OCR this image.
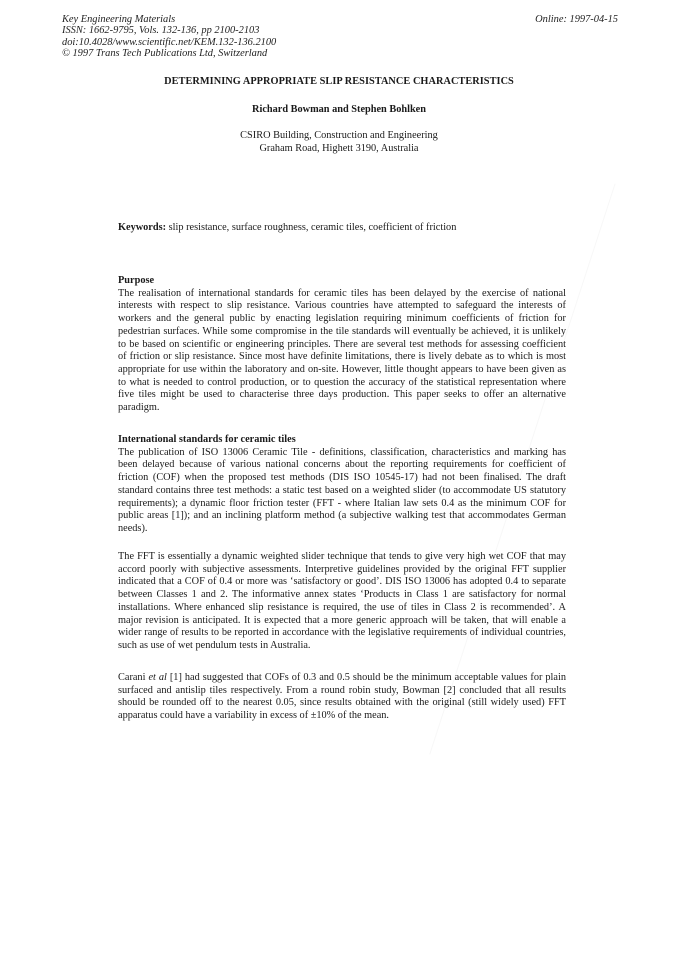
Key Engineering Materials
ISSN: 1662-9795, Vols. 132-136, pp 2100-2103
doi:10.4028/www.scientific.net/KEM.132-136.2100
© 1997 Trans Tech Publications Ltd, Switzerland
Online: 1997-04-15
DETERMINING APPROPRIATE SLIP RESISTANCE CHARACTERISTICS
Richard Bowman and Stephen Bohlken
CSIRO Building, Construction and Engineering
Graham Road, Highett 3190, Australia
Keywords: slip resistance, surface roughness, ceramic tiles, coefficient of friction
Purpose

The realisation of international standards for ceramic tiles has been delayed by the exercise of national interests with respect to slip resistance. Various countries have attempted to safeguard the interests of workers and the general public by enacting legislation requiring minimum coefficients of friction for pedestrian surfaces. While some compromise in the tile standards will eventually be achieved, it is unlikely to be based on scientific or engineering principles. There are several test methods for assessing coefficient of friction or slip resistance. Since most have definite limitations, there is lively debate as to which is most appropriate for use within the laboratory and on-site. However, little thought appears to have been given as to what is needed to control production, or to question the accuracy of the statistical representation where five tiles might be used to characterise three days production. This paper seeks to offer an alternative paradigm.

International standards for ceramic tiles

The publication of ISO 13006 Ceramic Tile - definitions, classification, characteristics and marking has been delayed because of various national concerns about the reporting requirements for coefficient of friction (COF) when the proposed test methods (DIS ISO 10545-17) had not been finalised. The draft standard contains three test methods: a static test based on a weighted slider (to accommodate US statutory requirements); a dynamic floor friction tester (FFT - where Italian law sets 0.4 as the minimum COF for public areas [1]); and an inclining platform method (a subjective walking test that accommodates German needs).

The FFT is essentially a dynamic weighted slider technique that tends to give very high wet COF that may accord poorly with subjective assessments. Interpretive guidelines provided by the original FFT supplier indicated that a COF of 0.4 or more was ‘satisfactory or good’. DIS ISO 13006 has adopted 0.4 to separate between Classes 1 and 2. The informative annex states ‘Products in Class 1 are satisfactory for normal installations. Where enhanced slip resistance is required, the use of tiles in Class 2 is recommended’. A major revision is anticipated. It is expected that a more generic approach will be taken, that will enable a wider range of results to be reported in accordance with the legislative requirements of individual countries, such as use of wet pendulum tests in Australia.

Carani et al [1] had suggested that COFs of 0.3 and 0.5 should be the minimum acceptable values for plain surfaced and antislip tiles respectively. From a round robin study, Bowman [2] concluded that all results should be rounded off to the nearest 0.05, since results obtained with the original (still widely used) FFT apparatus could have a variability in excess of ±10% of the mean.
